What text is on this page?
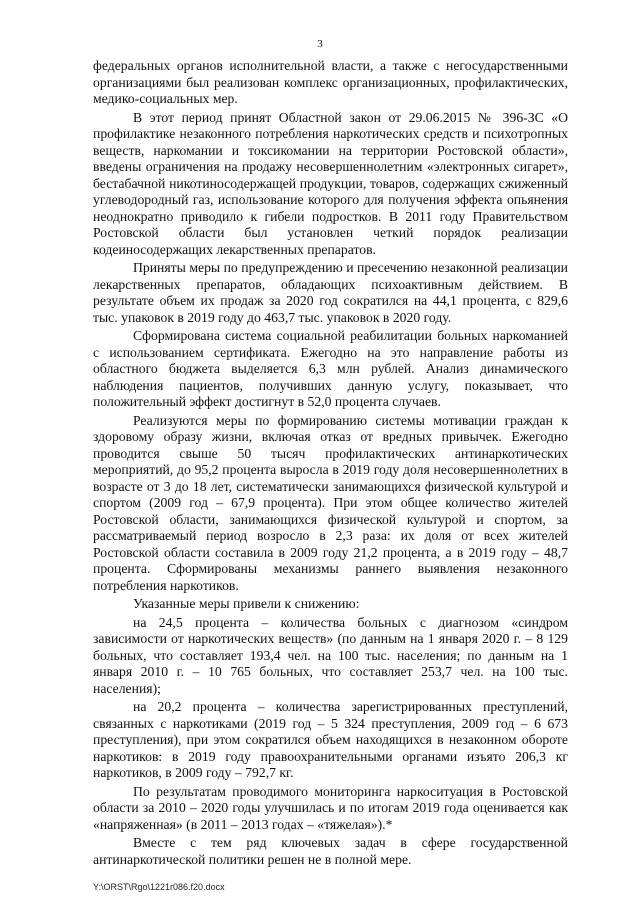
3

федеральных органов исполнительной власти, а также с негосударственными организациями был реализован комплекс организационных, профилактических, медико-социальных мер.

В этот период принят Областной закон от 29.06.2015 № 396-ЗС «О профилактике незаконного потребления наркотических средств и психотропных веществ, наркомании и токсикомании на территории Ростовской области», введены ограничения на продажу несовершеннолетним «электронных сигарет», бестабачной никотиносодержащей продукции, товаров, содержащих сжиженный углеводородный газ, использование которого для получения эффекта опьянения неоднократно приводило к гибели подростков. В 2011 году Правительством Ростовской области был установлен четкий порядок реализации кодеиносодержащих лекарственных препаратов.

Приняты меры по предупреждению и пресечению незаконной реализации лекарственных препаратов, обладающих психоактивным действием. В результате объем их продаж за 2020 год сократился на 44,1 процента, с 829,6 тыс. упаковок в 2019 году до 463,7 тыс. упаковок в 2020 году.

Сформирована система социальной реабилитации больных наркоманией с использованием сертификата. Ежегодно на это направление работы из областного бюджета выделяется 6,3 млн рублей. Анализ динамического наблюдения пациентов, получивших данную услугу, показывает, что положительный эффект достигнут в 52,0 процента случаев.

Реализуются меры по формированию системы мотивации граждан к здоровому образу жизни, включая отказ от вредных привычек. Ежегодно проводится свыше 50 тысяч профилактических антинаркотических мероприятий, до 95,2 процента выросла в 2019 году доля несовершеннолетних в возрасте от 3 до 18 лет, систематически занимающихся физической культурой и спортом (2009 год – 67,9 процента). При этом общее количество жителей Ростовской области, занимающихся физической культурой и спортом, за рассматриваемый период возросло в 2,3 раза: их доля от всех жителей Ростовской области составила в 2009 году 21,2 процента, а в 2019 году – 48,7 процента. Сформированы механизмы раннего выявления незаконного потребления наркотиков.

Указанные меры привели к снижению:

на 24,5 процента – количества больных с диагнозом «синдром зависимости от наркотических веществ» (по данным на 1 января 2020 г. – 8 129 больных, что составляет 193,4 чел. на 100 тыс. населения; по данным на 1 января 2010 г. – 10 765 больных, что составляет 253,7 чел. на 100 тыс. населения);

на 20,2 процента – количества зарегистрированных преступлений, связанных с наркотиками (2019 год – 5 324 преступления, 2009 год – 6 673 преступления), при этом сократился объем находящихся в незаконном обороте наркотиков: в 2019 году правоохранительными органами изъято 206,3 кг наркотиков, в 2009 году – 792,7 кг.

По результатам проводимого мониторинга наркоситуация в Ростовской области за 2010 – 2020 годы улучшилась и по итогам 2019 года оценивается как «напряженная» (в 2011 – 2013 годах – «тяжелая»).*

Вместе с тем ряд ключевых задач в сфере государственной антинаркотической политики решен не в полной мере.

Y:\ORST\Rgo\1221r086.f20.docx
